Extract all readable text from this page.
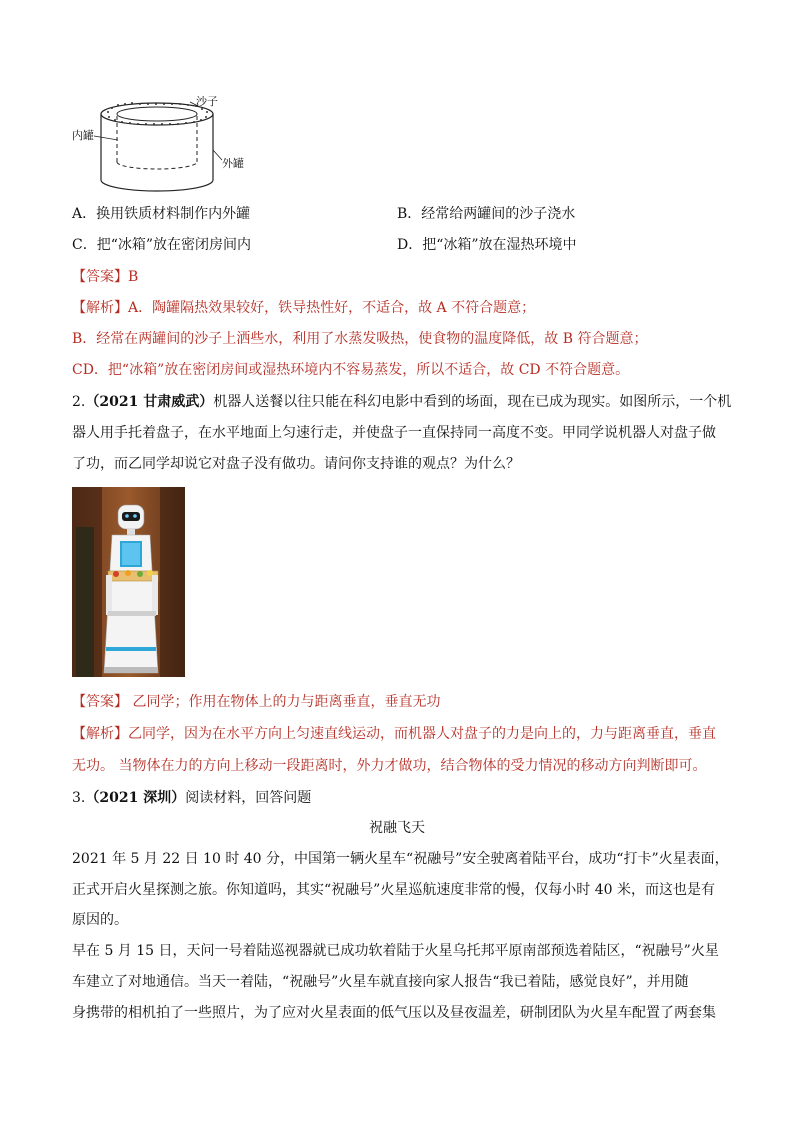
沙子
内罐
外罐
A．换用铁质材料制作内外罐	B．经常给两罐间的沙子浇水
C．把“冰箱”放在密闭房间内	D．把“冰箱”放在湿热环境中
【答案】B
【解析】A．陶罐隔热效果较好，铁导热性好，不适合，故 A 不符合题意；
B．经常在两罐间的沙子上洒些水，利用了水蒸发吸热，使食物的温度降低，故 B 符合题意；
CD．把“冰箱”放在密闭房间或湿热环境内不容易蒸发，所以不适合，故 CD 不符合题意。
2.（2021 甘肃威武）机器人送餐以往只能在科幻电影中看到的场面，现在已成为现实。如图所示，一个机
器人用手托着盘子，在水平地面上匀速行走，并使盘子一直保持同一高度不变。甲同学说机器人对盘子做
了功，而乙同学却说它对盘子没有做功。请问你支持谁的观点？为什么？
【答案】 乙同学；作用在物体上的力与距离垂直，垂直无功
【解析】乙同学，因为在水平方向上匀速直线运动，而机器人对盘子的力是向上的，力与距离垂直，垂直
无功。 当物体在力的方向上移动一段距离时，外力才做功，结合物体的受力情况的移动方向判断即可。
3.（2021 深圳）阅读材料，回答问题
祝融飞天
2021 年 5 月 22 日 10 时 40 分，中国第一辆火星车“祝融号”安全驶离着陆平台，成功“打卡”火星表面，
正式开启火星探测之旅。你知道吗，其实“祝融号”火星巡航速度非常的慢，仅每小时 40 米，而这也是有
原因的。
早在 5 月 15 日，天问一号着陆巡视器就已成功软着陆于火星乌托邦平原南部预选着陆区，“祝融号”火星
车建立了对地通信。当天一着陆，“祝融号”火星车就直接向家人报告“我已着陆，感觉良好”，并用随
身携带的相机拍了一些照片，为了应对火星表面的低气压以及昼夜温差，研制团队为火星车配置了两套集
